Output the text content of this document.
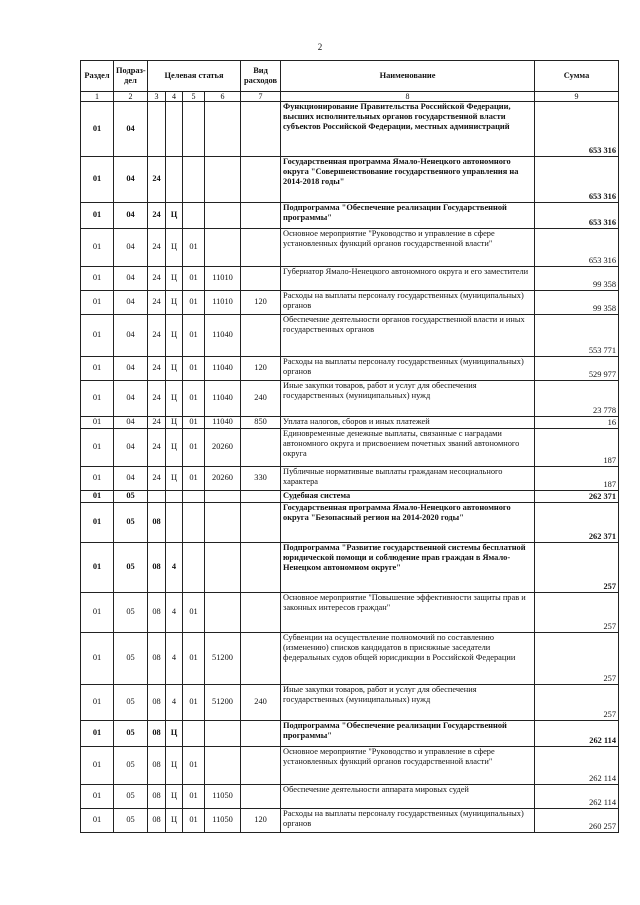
2
Раздел	Подраз-
дел	Целевая статья				Вид
расходов	Наименование	Сумма
1	2	3	4	5	6	7	8	9
01	04						Функционирование Правительства Российской Федерации, высших исполнительных органов государственной власти субъектов Российской Федерации, местных администраций	653 316
01	04	24					Государственная программа Ямало-Ненецкого автономного округа "Совершенствование государственного управления на 2014-2018 годы"	653 316
01	04	24	Ц				Подпрограмма "Обеспечение реализации Государственной программы"	653 316
01	04	24	Ц	01			Основное мероприятие "Руководство и управление в сфере установленных функций органов государственной власти"	653 316
01	04	24	Ц	01	11010		Губернатор Ямало-Ненецкого автономного округа и его заместители	99 358
01	04	24	Ц	01	11010	120	Расходы на выплаты персоналу государственных (муниципальных) органов	99 358
01	04	24	Ц	01	11040		Обеспечение деятельности органов государственной власти и иных государственных органов	553 771
01	04	24	Ц	01	11040	120	Расходы на выплаты персоналу государственных (муниципальных) органов	529 977
01	04	24	Ц	01	11040	240	Иные закупки товаров, работ и услуг для обеспечения государственных (муниципальных) нужд	23 778
01	04	24	Ц	01	11040	850	Уплата налогов, сборов и иных платежей	16
01	04	24	Ц	01	20260		Единовременные денежные выплаты, связанные с наградами автономного округа и присвоением почетных званий автономного округа	187
01	04	24	Ц	01	20260	330	Публичные нормативные выплаты гражданам несоциального характера	187
01	05						Судебная система	262 371
01	05	08					Государственная программа Ямало-Ненецкого автономного округа "Безопасный регион на 2014-2020 годы"	262 371
01	05	08	4				Подпрограмма "Развитие государственной системы бесплатной юридической помощи и соблюдение прав граждан в Ямало-Ненецком автономном округе"	257
01	05	08	4	01			Основное мероприятие "Повышение эффективности защиты прав и законных интересов граждан"	257
01	05	08	4	01	51200		Субвенции на осуществление полномочий по составлению (изменению) списков кандидатов в присяжные заседатели федеральных судов общей юрисдикции в Российской Федерации	257
01	05	08	4	01	51200	240	Иные закупки товаров, работ и услуг для обеспечения государственных (муниципальных) нужд	257
01	05	08	Ц				Подпрограмма "Обеспечение реализации Государственной программы"	262 114
01	05	08	Ц	01			Основное мероприятие "Руководство и управление в сфере установленных функций органов государственной власти"	262 114
01	05	08	Ц	01	11050		Обеспечение деятельности аппарата мировых судей	262 114
01	05	08	Ц	01	11050	120	Расходы на выплаты персоналу государственных (муниципальных) органов	260 257
